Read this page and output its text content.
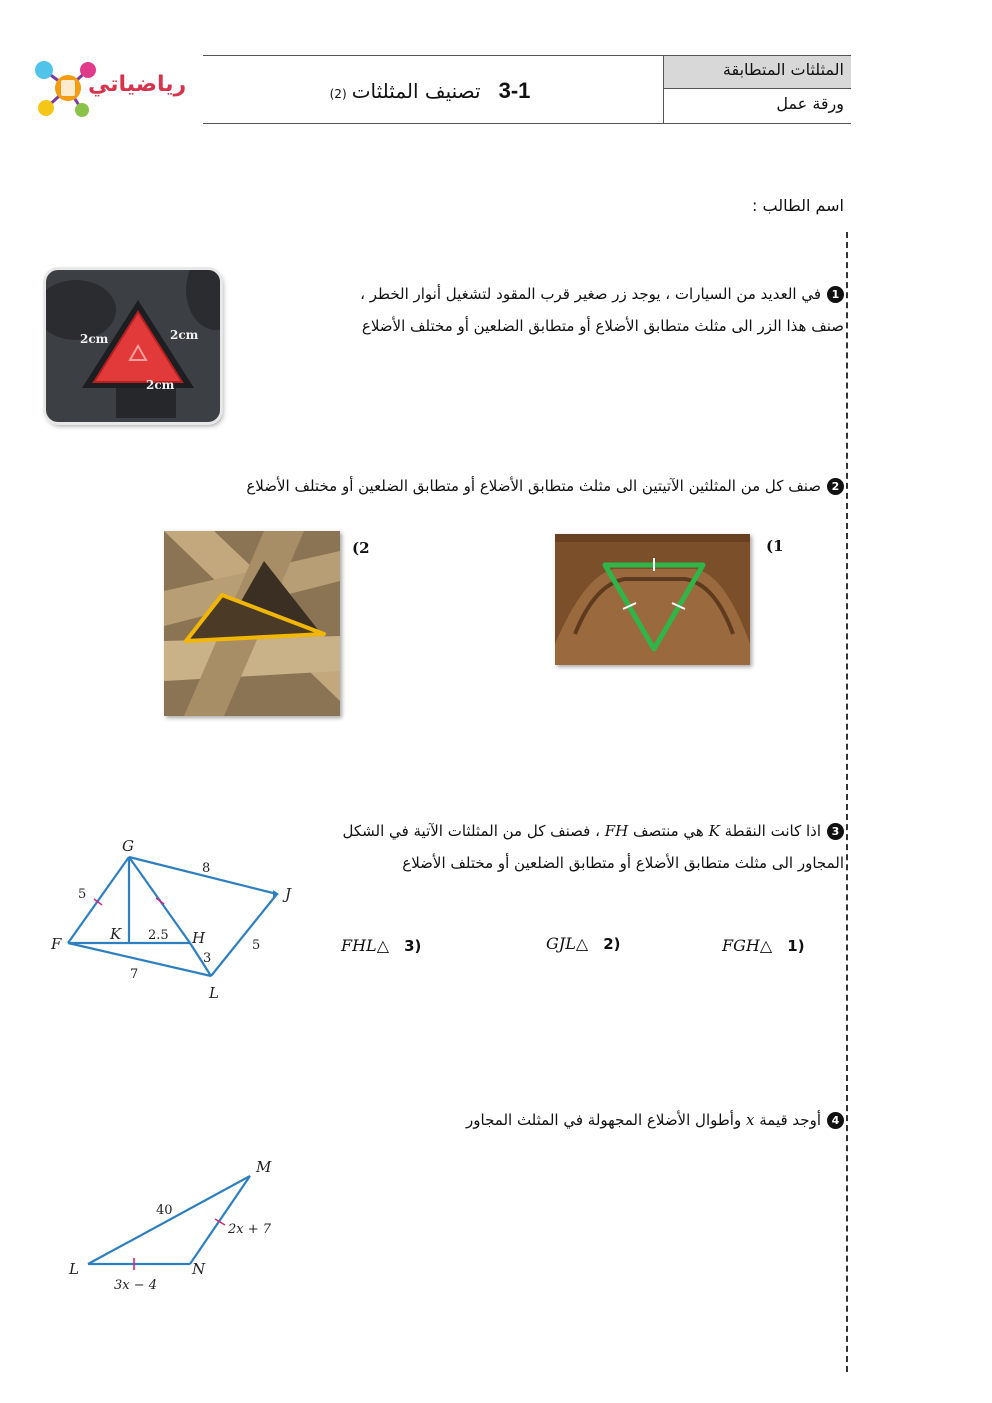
رياضياتي
المثلثات المتطابقة
ورقة عمل
3-1تصنيف المثلثات (2)
اسم الطالب :
1في العديد من السيارات ، يوجد زر صغير قرب المقود لتشغيل أنوار الخطر ،
صنف هذا الزر الى مثلث متطابق الأضلاع أو متطابق الضلعين أو مختلف الأضلاع
2cm	2cm
2cm
2صنف كل من المثلثين الآتيتين الى مثلث متطابق الأضلاع أو متطابق الضلعين أو مختلف الأضلاع
(1
(2
3اذا كانت النقطة K هي منتصف FH ، فصنف كل من المثلثات الآتية في الشكل
المجاور الى مثلث متطابق الأضلاع أو متطابق الضلعين أو مختلف الأضلاع
(1 △FGH
(2 △GJL
(3 △FHL
G
J
F
K	H
L
8
5
2.5
5
3
7
4أوجد قيمة x وأطوال الأضلاع المجهولة في المثلث المجاور
M
L	N
40
2x + 7
3x − 4
